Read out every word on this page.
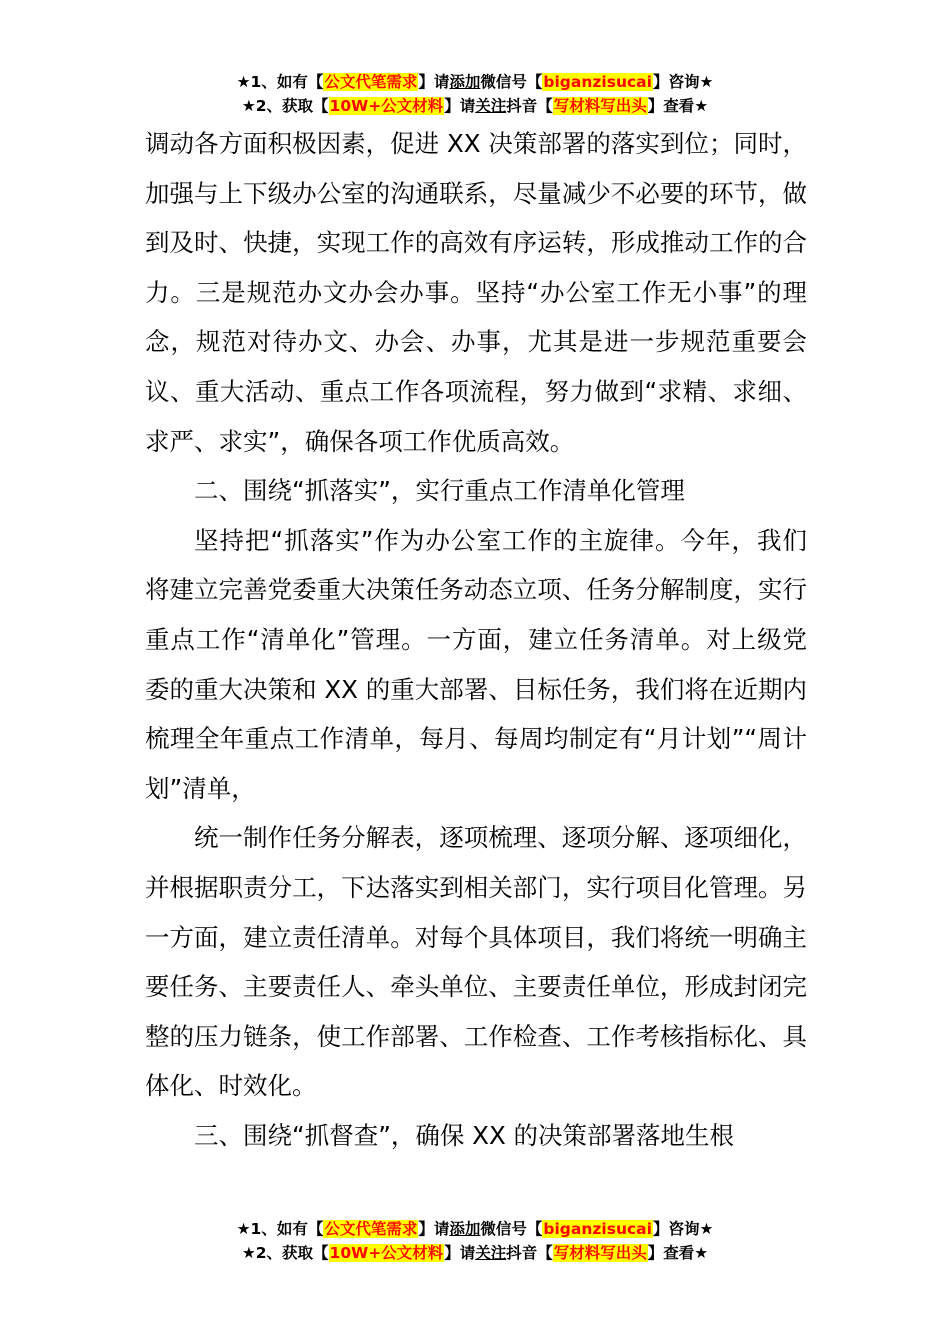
★1、如有【公文代笔需求】请添加微信号【biganzisucai】咨询★
★2、获取【10W+公文材料】请关注抖音【写材料写出头】查看★

调动各方面积极因素，促进 XX 决策部署的落实到位；同时，加强与上下级办公室的沟通联系，尽量减少不必要的环节，做到及时、快捷，实现工作的高效有序运转，形成推动工作的合力。三是规范办文办会办事。坚持“办公室工作无小事”的理念，规范对待办文、办会、办事，尤其是进一步规范重要会议、重大活动、重点工作各项流程，努力做到“求精、求细、求严、求实”，确保各项工作优质高效。

二、围绕“抓落实”，实行重点工作清单化管理

坚持把“抓落实”作为办公室工作的主旋律。今年，我们将建立完善党委重大决策任务动态立项、任务分解制度，实行重点工作“清单化”管理。一方面，建立任务清单。对上级党委的重大决策和 XX 的重大部署、目标任务，我们将在近期内梳理全年重点工作清单，每月、每周均制定有“月计划”“周计划”清单，

统一制作任务分解表，逐项梳理、逐项分解、逐项细化，并根据职责分工，下达落实到相关部门，实行项目化管理。另一方面，建立责任清单。对每个具体项目，我们将统一明确主要任务、主要责任人、牵头单位、主要责任单位，形成封闭完整的压力链条，使工作部署、工作检查、工作考核指标化、具体化、时效化。

三、围绕“抓督查”，确保 XX 的决策部署落地生根

★1、如有【公文代笔需求】请添加微信号【biganzisucai】咨询★
★2、获取【10W+公文材料】请关注抖音【写材料写出头】查看★
